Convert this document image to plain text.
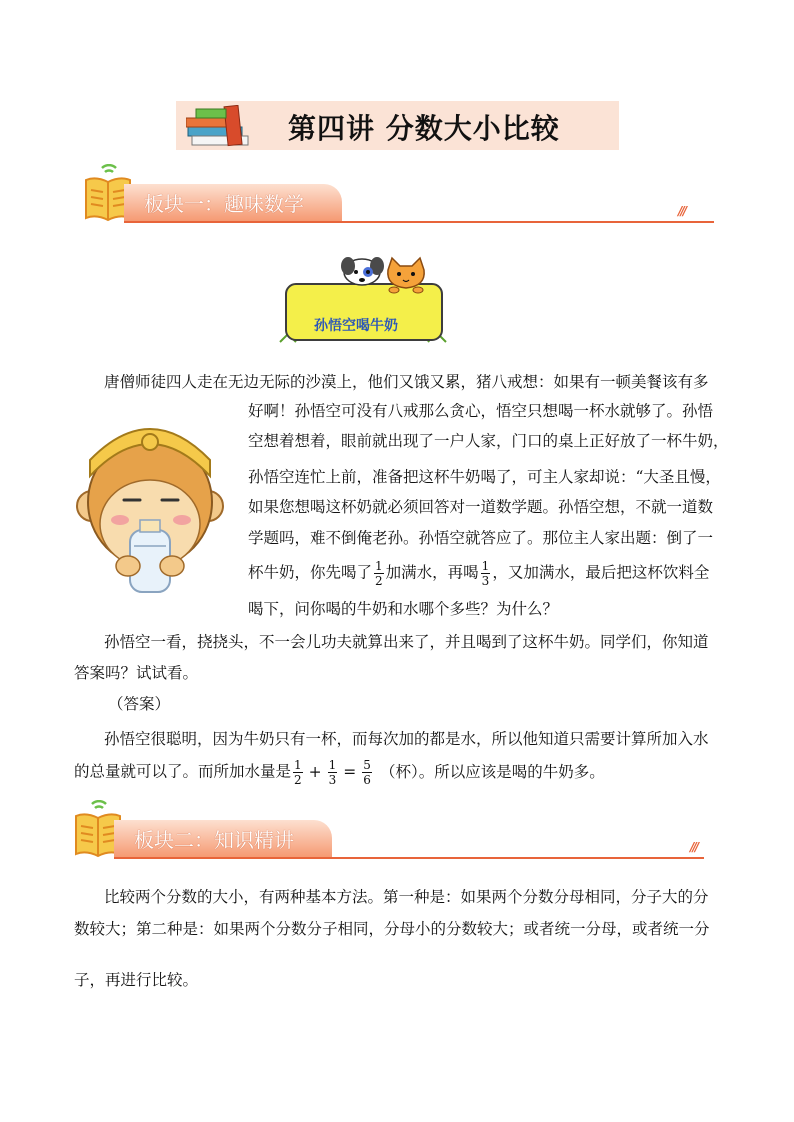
第四讲 分数大小比较
板块一：趣味数学	///
孙悟空喝牛奶
唐僧师徒四人走在无边无际的沙漠上，他们又饿又累，猪八戒想：如果有一顿美餐该有多
好啊！孙悟空可没有八戒那么贪心，悟空只想喝一杯水就够了。孙悟
空想着想着，眼前就出现了一户人家，门口的桌上正好放了一杯牛奶，
孙悟空连忙上前，准备把这杯牛奶喝了，可主人家却说：“大圣且慢，
如果您想喝这杯奶就必须回答对一道数学题。孙悟空想，不就一道数
学题吗，难不倒俺老孙。孙悟空就答应了。那位主人家出题：倒了一
杯牛奶，你先喝了 $\frac{1}{2}$ 加满水，再喝 $\frac{1}{3}$ ，又加满水，最后把这杯饮料全
喝下，问你喝的牛奶和水哪个多些？为什么？
孙悟空一看，挠挠头，不一会儿功夫就算出来了，并且喝到了这杯牛奶。同学们，你知道
答案吗？试试看。
（答案）
孙悟空很聪明，因为牛奶只有一杯，而每次加的都是水，所以他知道只需要计算所加入水
的总量就可以了。而所加水量是 $\frac{1}{2} + \frac{1}{3} = \frac{5}{6}$ （杯）。所以应该是喝的牛奶多。
板块二：知识精讲	///
比较两个分数的大小，有两种基本方法。第一种是：如果两个分数分母相同，分子大的分
数较大；第二种是：如果两个分数分子相同，分母小的分数较大；或者统一分母，或者统一分
子，再进行比较。
